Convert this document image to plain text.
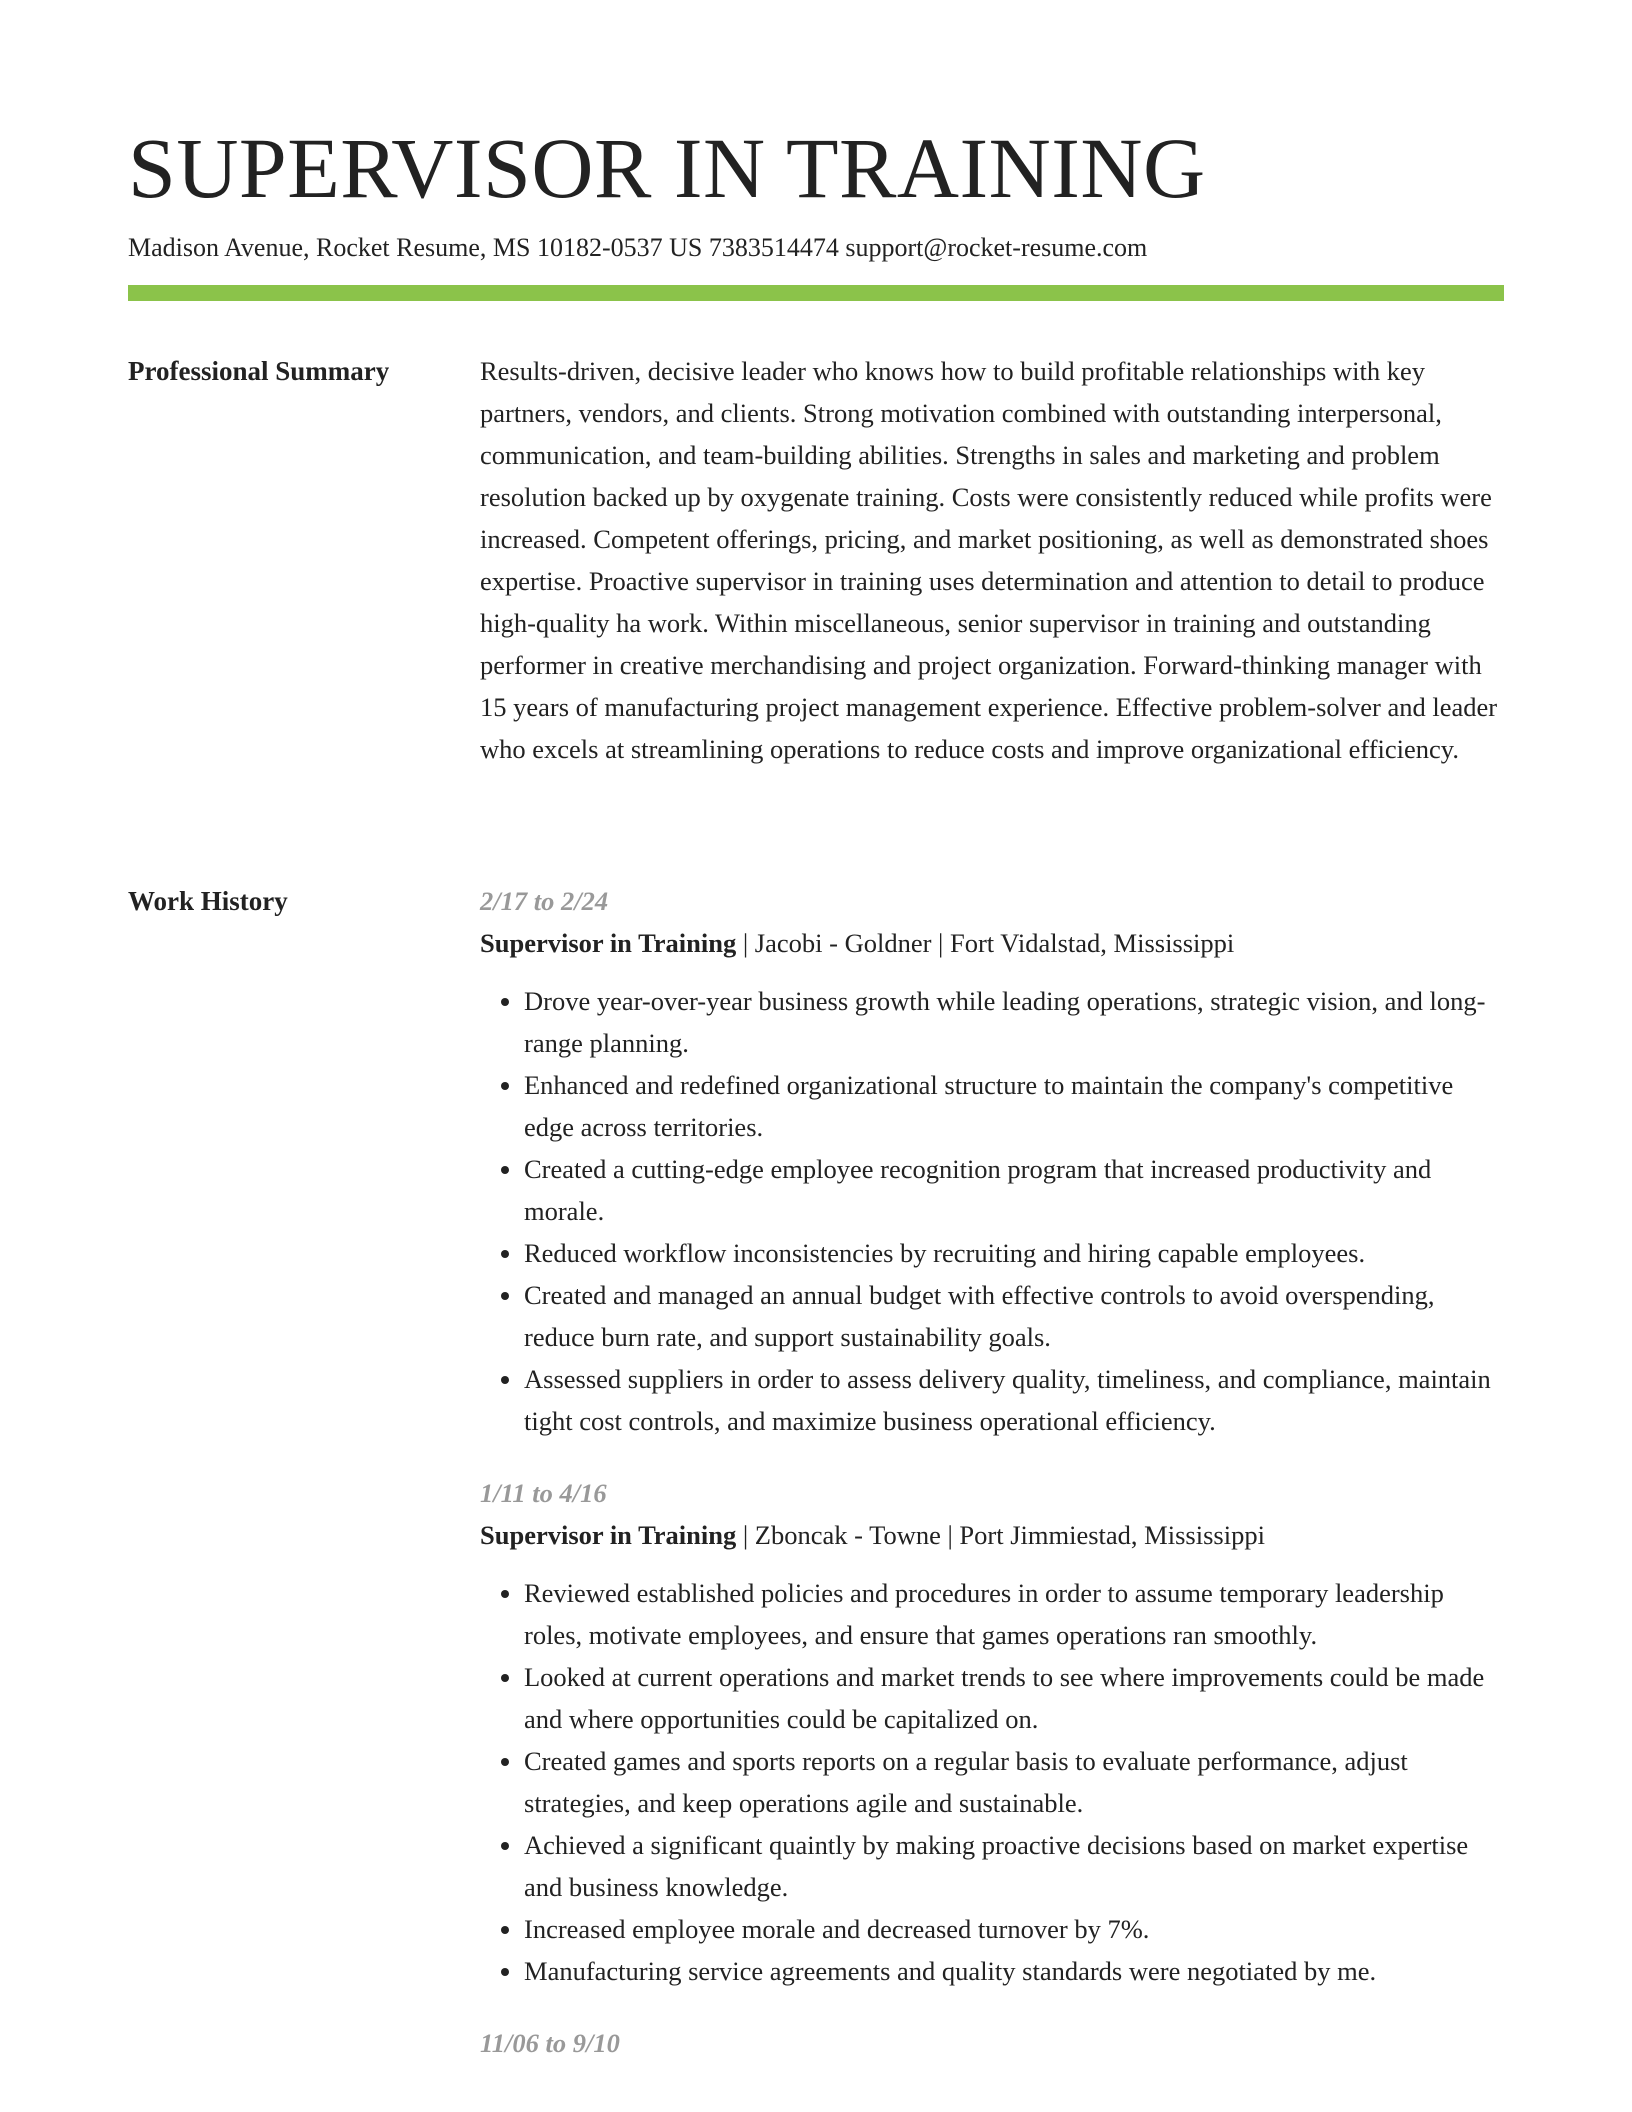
SUPERVISOR IN TRAINING
Madison Avenue, Rocket Resume, MS 10182-0537 US 7383514474 support@rocket-resume.com
Professional Summary	Results-driven, decisive leader who knows how to build profitable relationships with key partners, vendors, and clients. Strong motivation combined with outstanding interpersonal, communication, and team-building abilities. Strengths in sales and marketing and problem resolution backed up by oxygenate training. Costs were consistently reduced while profits were increased. Competent offerings, pricing, and market positioning, as well as demonstrated shoes expertise. Proactive supervisor in training uses determination and attention to detail to produce high-quality ha work. Within miscellaneous, senior supervisor in training and outstanding performer in creative merchandising and project organization. Forward-thinking manager with 15 years of manufacturing project management experience. Effective problem-solver and leader who excels at streamlining operations to reduce costs and improve organizational efficiency.

Work History	2/17 to 2/24
Supervisor in Training | Jacobi - Goldner | Fort Vidalstad, Mississippi
• Drove year-over-year business growth while leading operations, strategic vision, and long-range planning.
• Enhanced and redefined organizational structure to maintain the company's competitive edge across territories.
• Created a cutting-edge employee recognition program that increased productivity and morale.
• Reduced workflow inconsistencies by recruiting and hiring capable employees.
• Created and managed an annual budget with effective controls to avoid overspending, reduce burn rate, and support sustainability goals.
• Assessed suppliers in order to assess delivery quality, timeliness, and compliance, maintain tight cost controls, and maximize business operational efficiency.
1/11 to 4/16
Supervisor in Training | Zboncak - Towne | Port Jimmiestad, Mississippi
• Reviewed established policies and procedures in order to assume temporary leadership roles, motivate employees, and ensure that games operations ran smoothly.
• Looked at current operations and market trends to see where improvements could be made and where opportunities could be capitalized on.
• Created games and sports reports on a regular basis to evaluate performance, adjust strategies, and keep operations agile and sustainable.
• Achieved a significant quaintly by making proactive decisions based on market expertise and business knowledge.
• Increased employee morale and decreased turnover by 7%.
• Manufacturing service agreements and quality standards were negotiated by me.
11/06 to 9/10
